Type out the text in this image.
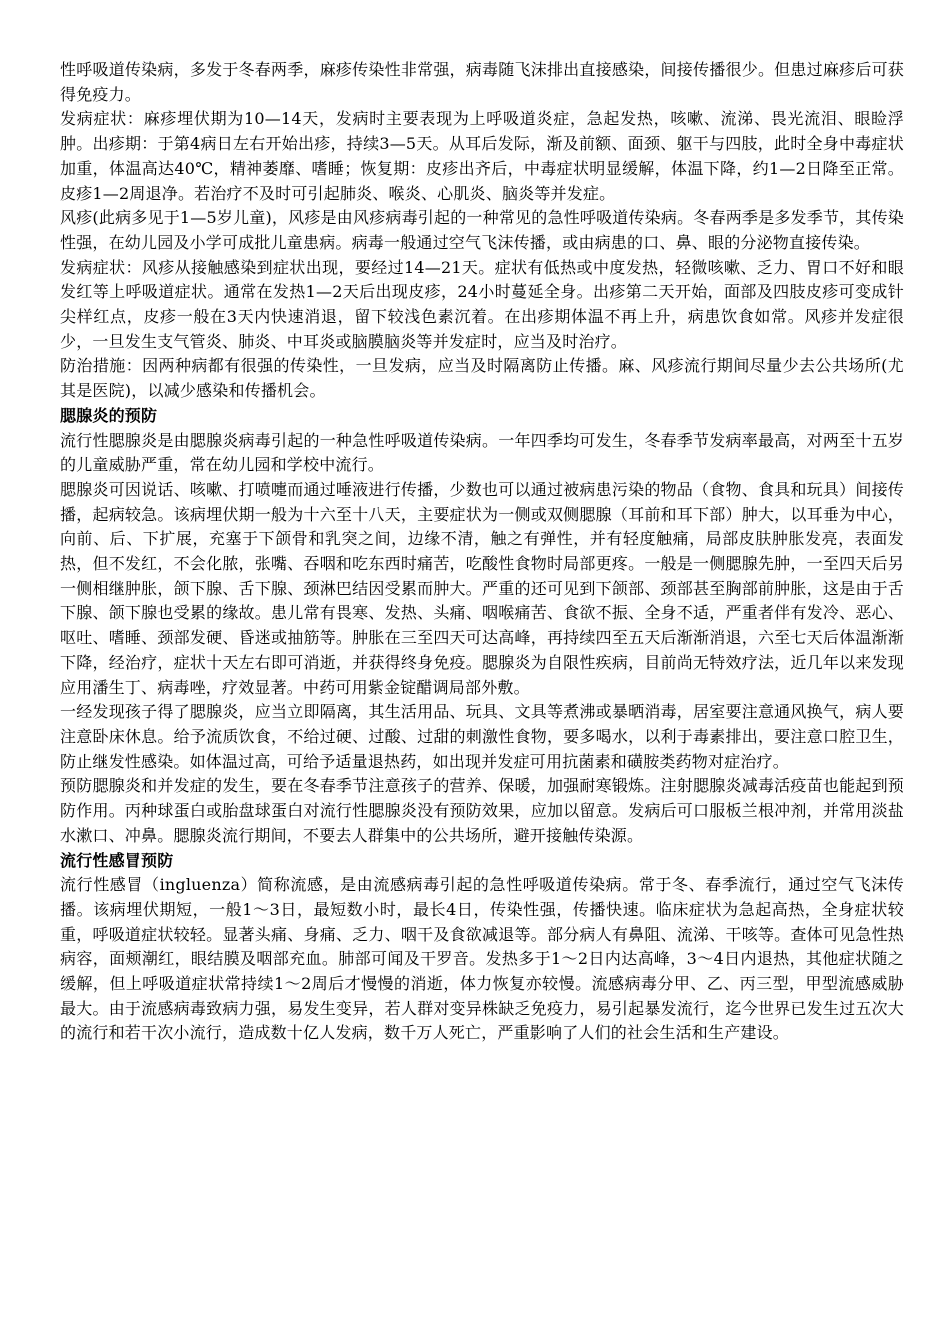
性呼吸道传染病，多发于冬春两季，麻疹传染性非常强，病毒随飞沫排出直接感染，间接传播很少。但患过麻疹后可获得免疫力。

发病症状：麻疹埋伏期为10—14天，发病时主要表现为上呼吸道炎症，急起发热，咳嗽、流涕、畏光流泪、眼睑浮肿。出疹期：于第4病日左右开始出疹，持续3—5天。从耳后发际，渐及前额、面颈、躯干与四肢，此时全身中毒症状加重，体温高达40℃，精神萎靡、嗜睡；恢复期：皮疹出齐后，中毒症状明显缓解，体温下降，约1—2日降至正常。皮疹1—2周退净。若治疗不及时可引起肺炎、喉炎、心肌炎、脑炎等并发症。

风疹(此病多见于1—5岁儿童)，风疹是由风疹病毒引起的一种常见的急性呼吸道传染病。冬春两季是多发季节，其传染性强，在幼儿园及小学可成批儿童患病。病毒一般通过空气飞沫传播，或由病患的口、鼻、眼的分泌物直接传染。

发病症状：风疹从接触感染到症状出现，要经过14—21天。症状有低热或中度发热，轻微咳嗽、乏力、胃口不好和眼发红等上呼吸道症状。通常在发热1—2天后出现皮疹，24小时蔓延全身。出疹第二天开始，面部及四肢皮疹可变成针尖样红点，皮疹一般在3天内快速消退，留下较浅色素沉着。在出疹期体温不再上升，病患饮食如常。风疹并发症很少，一旦发生支气管炎、肺炎、中耳炎或脑膜脑炎等并发症时，应当及时治疗。

防治措施：因两种病都有很强的传染性，一旦发病，应当及时隔离防止传播。麻、风疹流行期间尽量少去公共场所(尤其是医院)，以减少感染和传播机会。

腮腺炎的预防

流行性腮腺炎是由腮腺炎病毒引起的一种急性呼吸道传染病。一年四季均可发生，冬春季节发病率最高，对两至十五岁的儿童威胁严重，常在幼儿园和学校中流行。

腮腺炎可因说话、咳嗽、打喷嚏而通过唾液进行传播，少数也可以通过被病患污染的物品（食物、食具和玩具）间接传播，起病较急。该病埋伏期一般为十六至十八天，主要症状为一侧或双侧腮腺（耳前和耳下部）肿大，以耳垂为中心，向前、后、下扩展，充塞于下颌骨和乳突之间，边缘不清，触之有弹性，并有轻度触痛，局部皮肤肿胀发亮，表面发热，但不发红，不会化脓，张嘴、吞咽和吃东西时痛苦，吃酸性食物时局部更疼。一般是一侧腮腺先肿，一至四天后另一侧相继肿胀，颌下腺、舌下腺、颈淋巴结因受累而肿大。严重的还可见到下颌部、颈部甚至胸部前肿胀，这是由于舌下腺、颌下腺也受累的缘故。患儿常有畏寒、发热、头痛、咽喉痛苦、食欲不振、全身不适，严重者伴有发冷、恶心、呕吐、嗜睡、颈部发硬、昏迷或抽筋等。肿胀在三至四天可达高峰，再持续四至五天后渐渐消退，六至七天后体温渐渐下降，经治疗，症状十天左右即可消逝，并获得终身免疫。腮腺炎为自限性疾病，目前尚无特效疗法，近几年以来发现应用潘生丁、病毒唑，疗效显著。中药可用紫金锭醋调局部外敷。

一经发现孩子得了腮腺炎，应当立即隔离，其生活用品、玩具、文具等煮沸或暴晒消毒，居室要注意通风换气，病人要注意卧床休息。给予流质饮食，不给过硬、过酸、过甜的刺激性食物，要多喝水，以利于毒素排出，要注意口腔卫生，防止继发性感染。如体温过高，可给予适量退热药，如出现并发症可用抗菌素和磺胺类药物对症治疗。

预防腮腺炎和并发症的发生，要在冬春季节注意孩子的营养、保暖，加强耐寒锻炼。注射腮腺炎减毒活疫苗也能起到预防作用。丙种球蛋白或胎盘球蛋白对流行性腮腺炎没有预防效果，应加以留意。发病后可口服板兰根冲剂，并常用淡盐水漱口、冲鼻。腮腺炎流行期间，不要去人群集中的公共场所，避开接触传染源。

流行性感冒预防

流行性感冒（ingluenza）简称流感，是由流感病毒引起的急性呼吸道传染病。常于冬、春季流行，通过空气飞沫传播。该病埋伏期短，一般1～3日，最短数小时，最长4日，传染性强，传播快速。临床症状为急起高热，全身症状较重，呼吸道症状较轻。显著头痛、身痛、乏力、咽干及食欲减退等。部分病人有鼻阻、流涕、干咳等。查体可见急性热病容，面颊潮红，眼结膜及咽部充血。肺部可闻及干罗音。发热多于1～2日内达高峰，3～4日内退热，其他症状随之缓解，但上呼吸道症状常持续1～2周后才慢慢的消逝，体力恢复亦较慢。流感病毒分甲、乙、丙三型，甲型流感威胁最大。由于流感病毒致病力强，易发生变异，若人群对变异株缺乏免疫力，易引起暴发流行，迄今世界已发生过五次大的流行和若干次小流行，造成数十亿人发病，数千万人死亡，严重影响了人们的社会生活和生产建设。
